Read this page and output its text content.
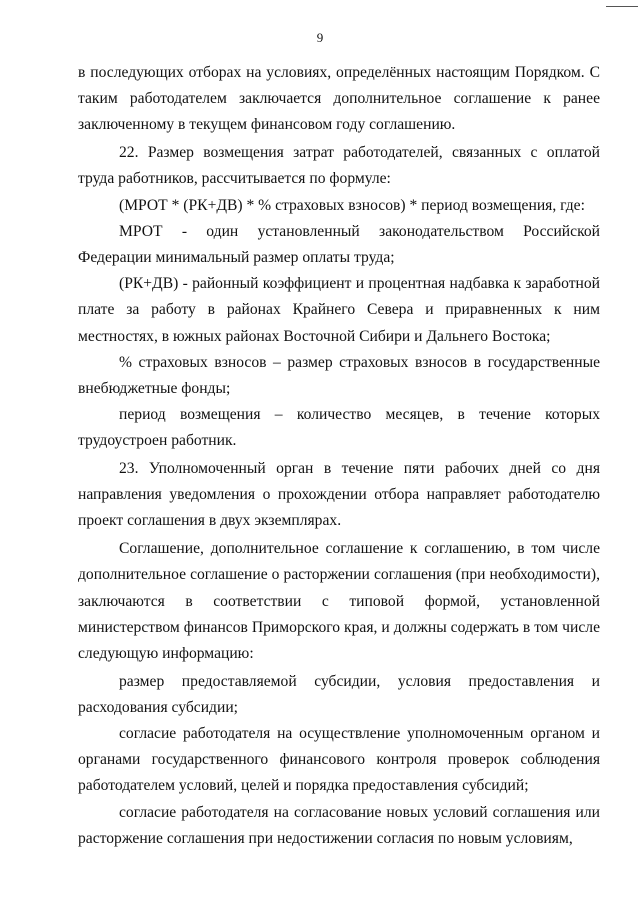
9

в последующих отборах на условиях, определённых настоящим Порядком. С таким работодателем заключается дополнительное соглашение к ранее заключенному в текущем финансовом году соглашению.

22. Размер возмещения затрат работодателей, связанных с оплатой труда работников, рассчитывается по формуле:

(МРОТ * (РК+ДВ) * % страховых взносов) * период возмещения, где:

МРОТ - один установленный законодательством Российской Федерации минимальный размер оплаты труда;

(РК+ДВ) - районный коэффициент и процентная надбавка к заработной плате за работу в районах Крайнего Севера и приравненных к ним местностях, в южных районах Восточной Сибири и Дальнего Востока;

% страховых взносов – размер страховых взносов в государственные внебюджетные фонды;

период возмещения – количество месяцев, в течение которых трудоустроен работник.

23. Уполномоченный орган в течение пяти рабочих дней со дня направления уведомления о прохождении отбора направляет работодателю проект соглашения в двух экземплярах.

Соглашение, дополнительное соглашение к соглашению, в том числе дополнительное соглашение о расторжении соглашения (при необходимости), заключаются в соответствии с типовой формой, установленной министерством финансов Приморского края, и должны содержать в том числе следующую информацию:

размер предоставляемой субсидии, условия предоставления и расходования субсидии;

согласие работодателя на осуществление уполномоченным органом и органами государственного финансового контроля проверок соблюдения работодателем условий, целей и порядка предоставления субсидий;

согласие работодателя на согласование новых условий соглашения или расторжение соглашения при недостижении согласия по новым условиям,
